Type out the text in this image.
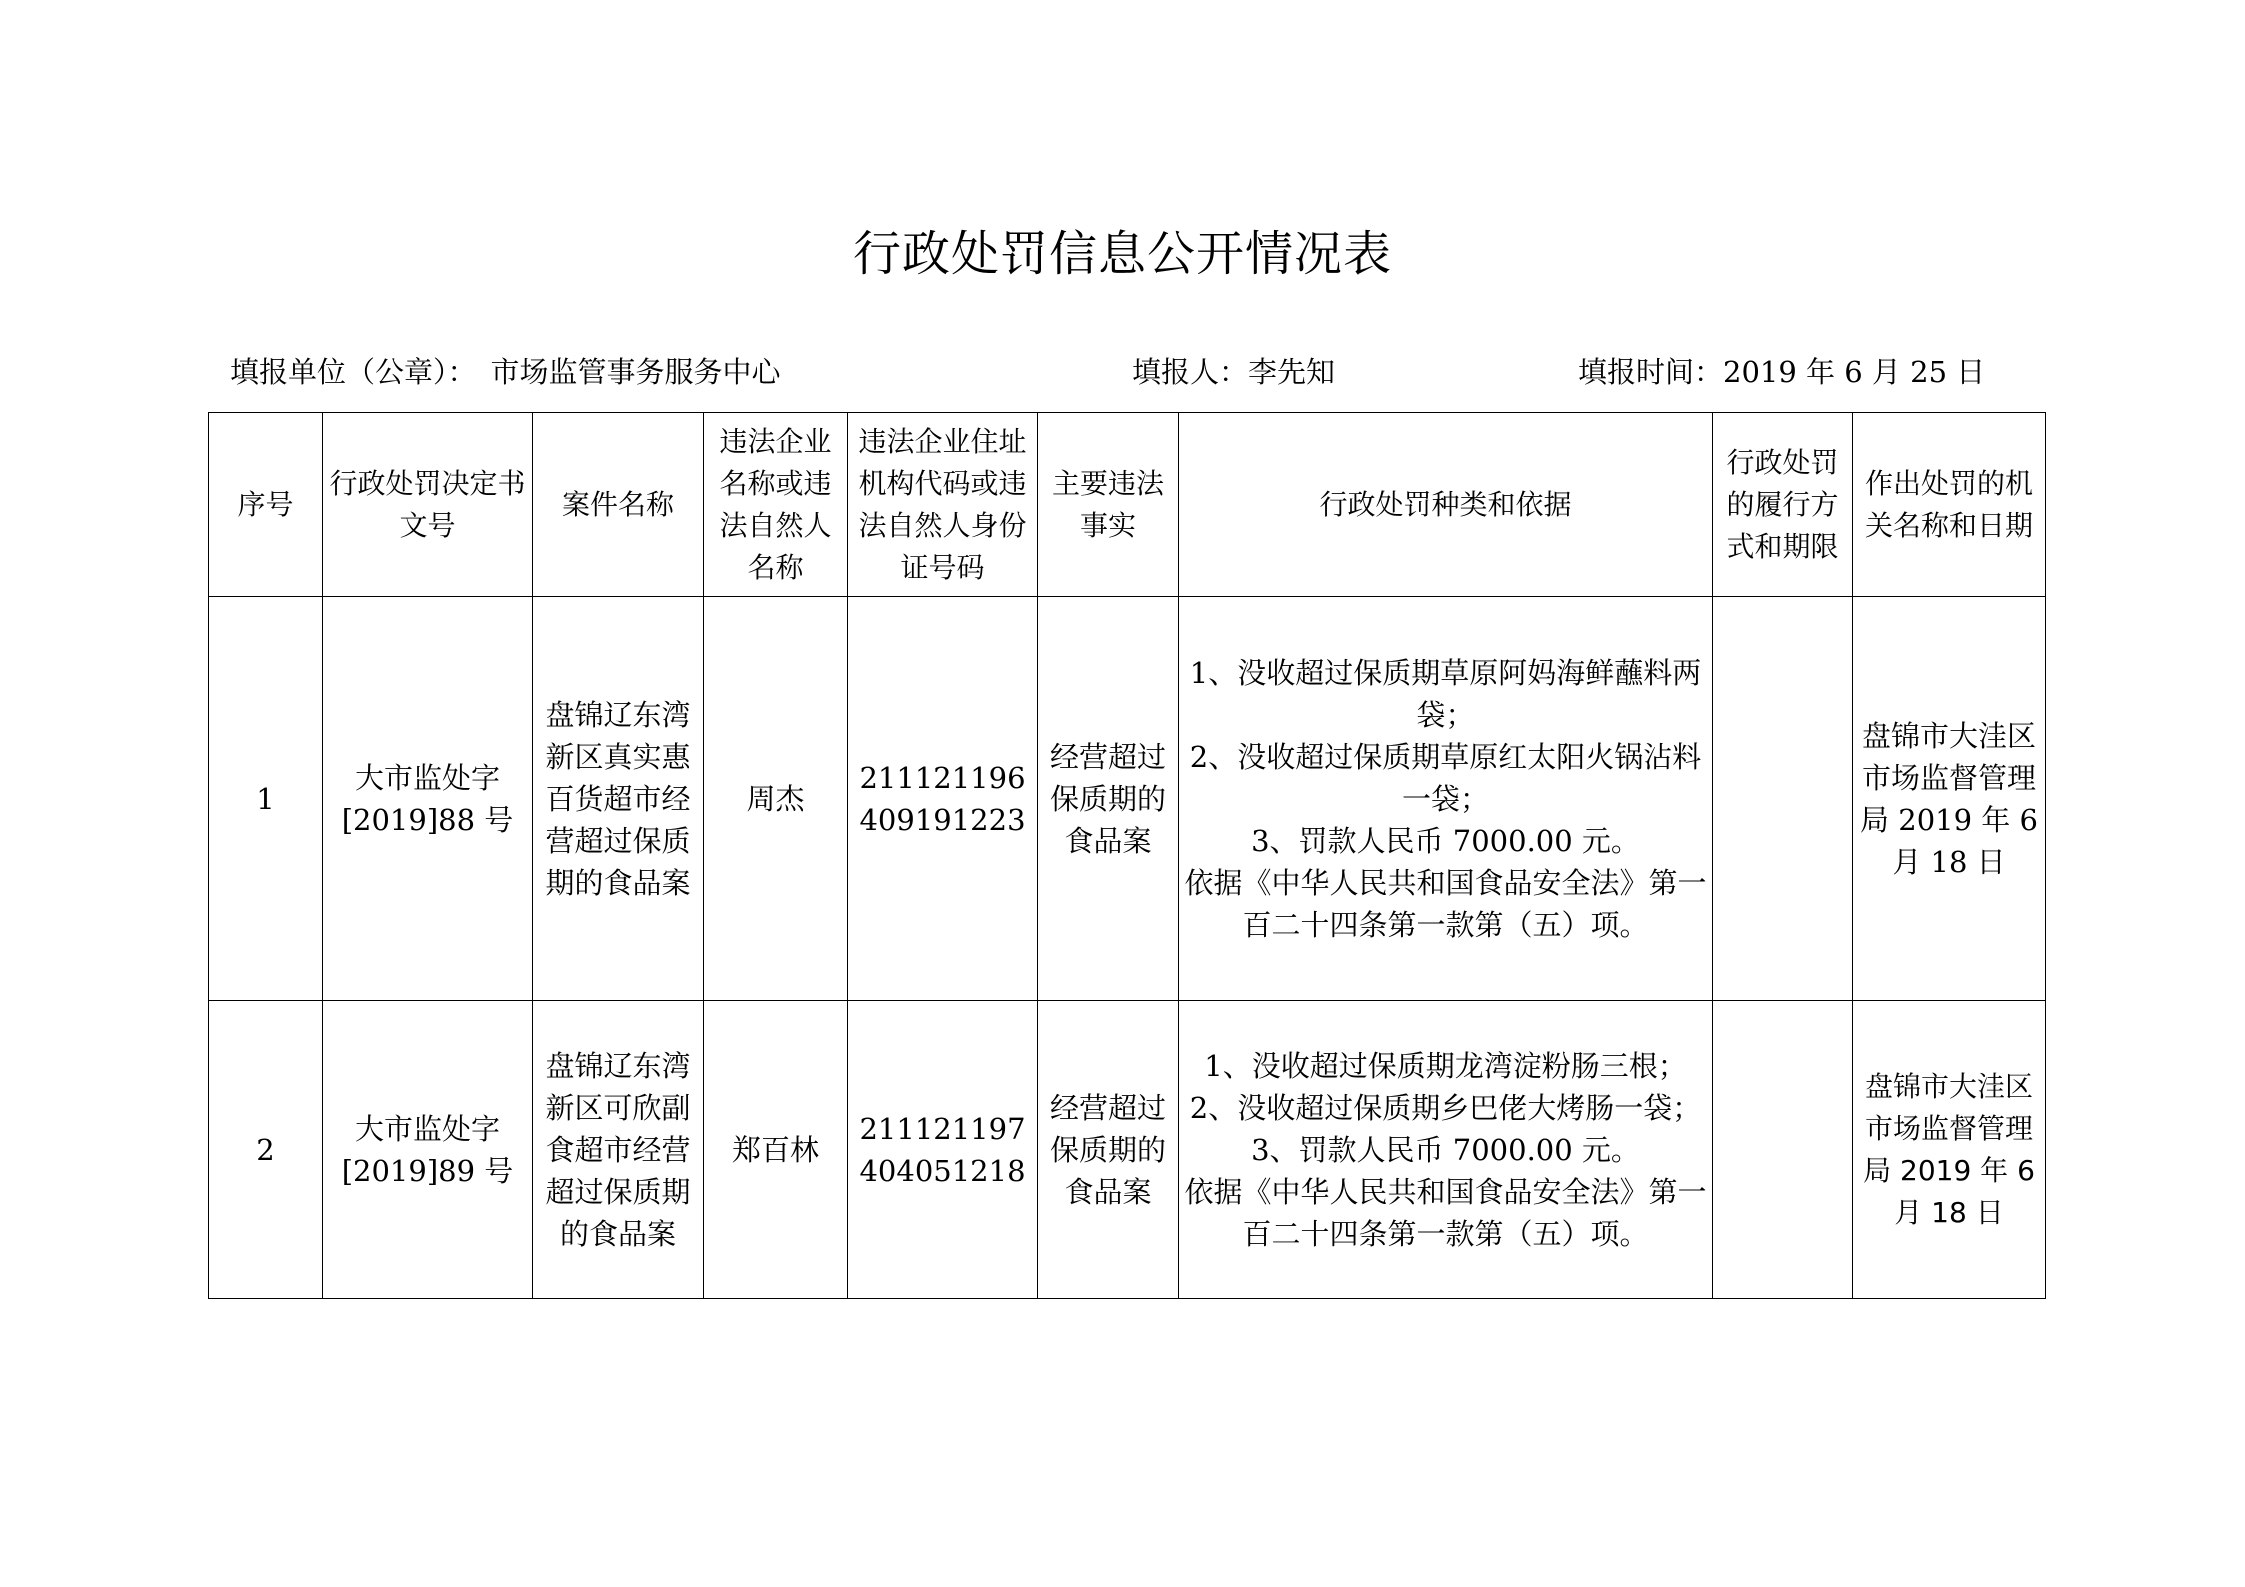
行政处罚信息公开情况表
填报单位（公章）： 市场监管事务服务中心	填报人：李先知	填报时间：2019 年 6 月 25 日
序号	行政处罚决定书文号	案件名称	违法企业名称或违法自然人名称	违法企业住址机构代码或违法自然人身份证号码	主要违法事实	行政处罚种类和依据	行政处罚的履行方式和期限	作出处罚的机关名称和日期
1	大市监处字[2019]88 号	盘锦辽东湾新区真实惠百货超市经营超过保质期的食品案	周杰	211121196409191223	经营超过保质期的食品案	1、没收超过保质期草原阿妈海鲜蘸料两袋；
2、没收超过保质期草原红太阳火锅沾料一袋；
3、罚款人民币 7000.00 元。
依据《中华人民共和国食品安全法》第一百二十四条第一款第（五）项。		盘锦市大洼区市场监督管理局 2019 年 6 月 18 日
2	大市监处字[2019]89 号	盘锦辽东湾新区可欣副食超市经营超过保质期的食品案	郑百林	211121197404051218	经营超过保质期的食品案	1、没收超过保质期龙湾淀粉肠三根；
2、没收超过保质期乡巴佬大烤肠一袋；
3、罚款人民币 7000.00 元。
依据《中华人民共和国食品安全法》第一百二十四条第一款第（五）项。		盘锦市大洼区市场监督管理局 2019 年 6 月 18 日
